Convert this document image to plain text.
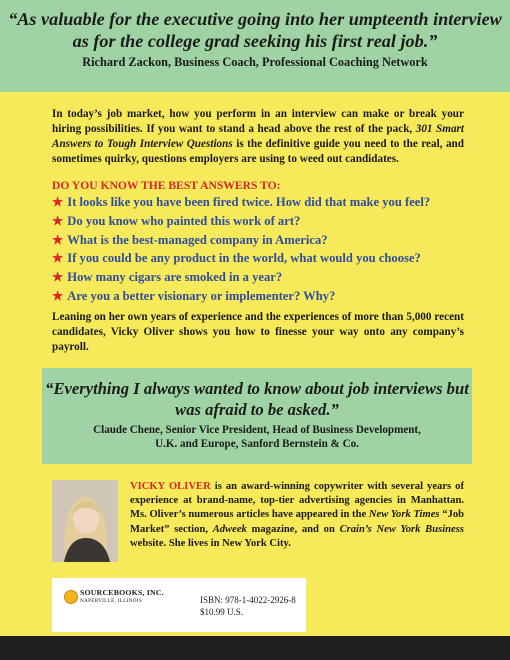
“As valuable for the executive going into her umpteenth interview as for the college grad seeking his first real job.”
Richard Zackon, Business Coach, Professional Coaching Network
In today’s job market, how you perform in an interview can make or break your hiring possibilities. If you want to stand a head above the rest of the pack, 301 Smart Answers to Tough Interview Questions is the definitive guide you need to the real, and sometimes quirky, questions employers are using to weed out candidates.
DO YOU KNOW THE BEST ANSWERS TO:
★ It looks like you have been fired twice. How did that make you feel?
★ Do you know who painted this work of art?
★ What is the best-managed company in America?
★ If you could be any product in the world, what would you choose?
★ How many cigars are smoked in a year?
★ Are you a better visionary or implementer? Why?
Leaning on her own years of experience and the experiences of more than 5,000 recent candidates, Vicky Oliver shows you how to finesse your way onto any company’s payroll.
“Everything I always wanted to know about job interviews but was afraid to be asked.”
Claude Chene, Senior Vice President, Head of Business Development,
U.K. and Europe, Sanford Bernstein & Co.
VICKY OLIVER is an award-winning copywriter with several years of experience at brand-name, top-tier advertising agencies in Manhattan. Ms. Oliver’s numerous articles have appeared in the New York Times “Job Market” section, Adweek magazine, and on Crain’s New York Business website. She lives in New York City.
SOURCEBOOKS, INC.
NAPERVILLE, ILLINOIS	ISBN: 978-1-4022-2926-8
$10.99 U.S.
